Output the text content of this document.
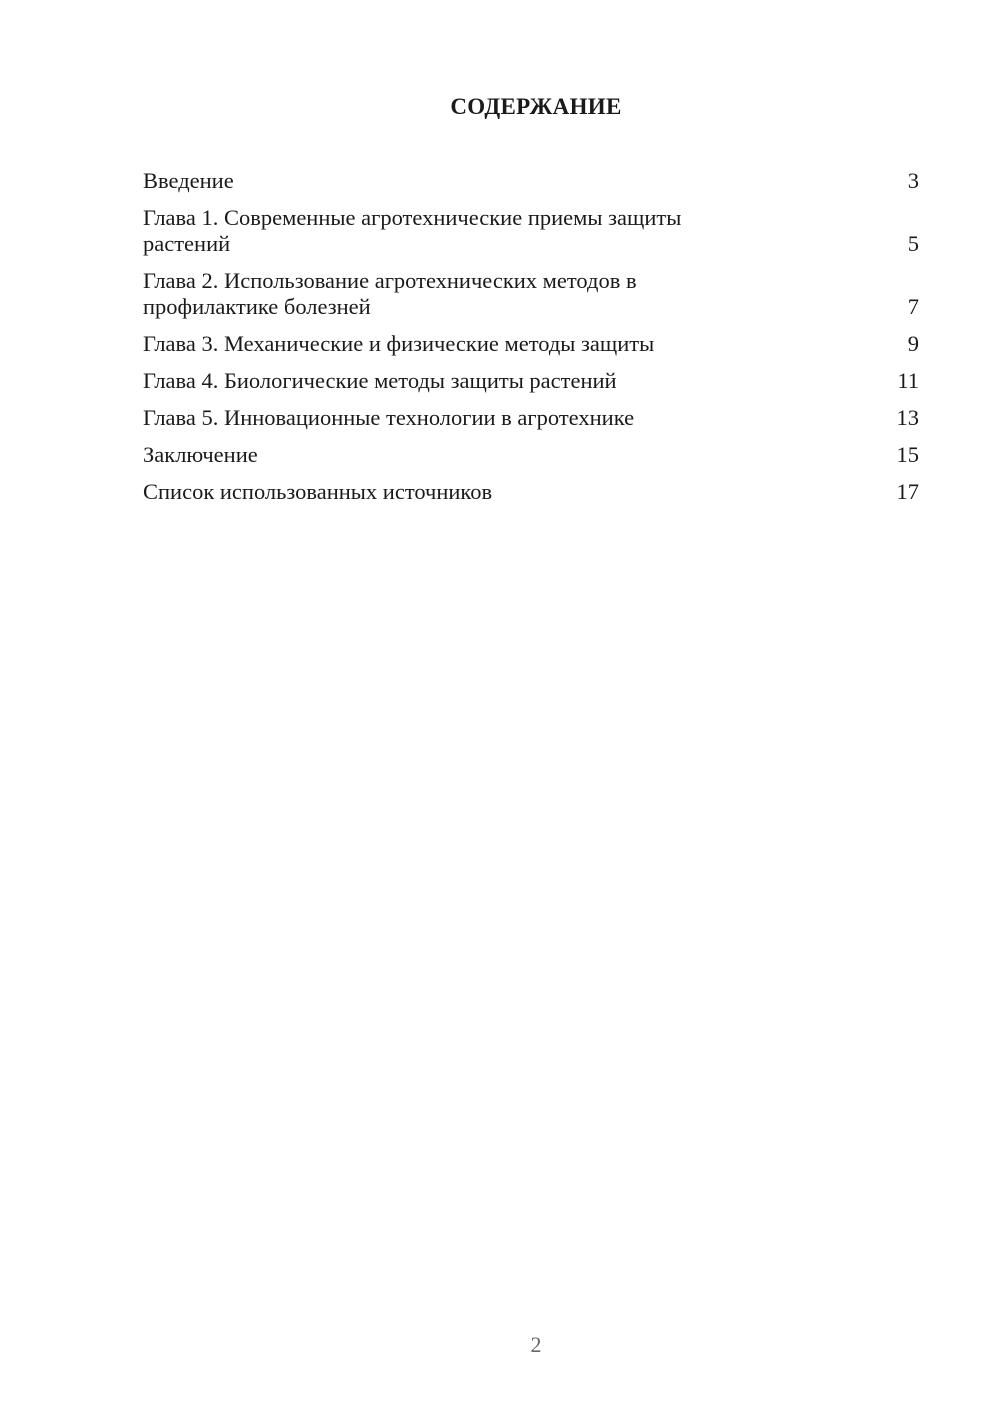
СОДЕРЖАНИЕ
Введение	3
Глава 1. Современные агротехнические приемы защиты растений	5
Глава 2. Использование агротехнических методов в профилактике болезней	7
Глава 3. Механические и физические методы защиты	9
Глава 4. Биологические методы защиты растений	11
Глава 5. Инновационные технологии в агротехнике	13
Заключение	15
Список использованных источников	17
2
